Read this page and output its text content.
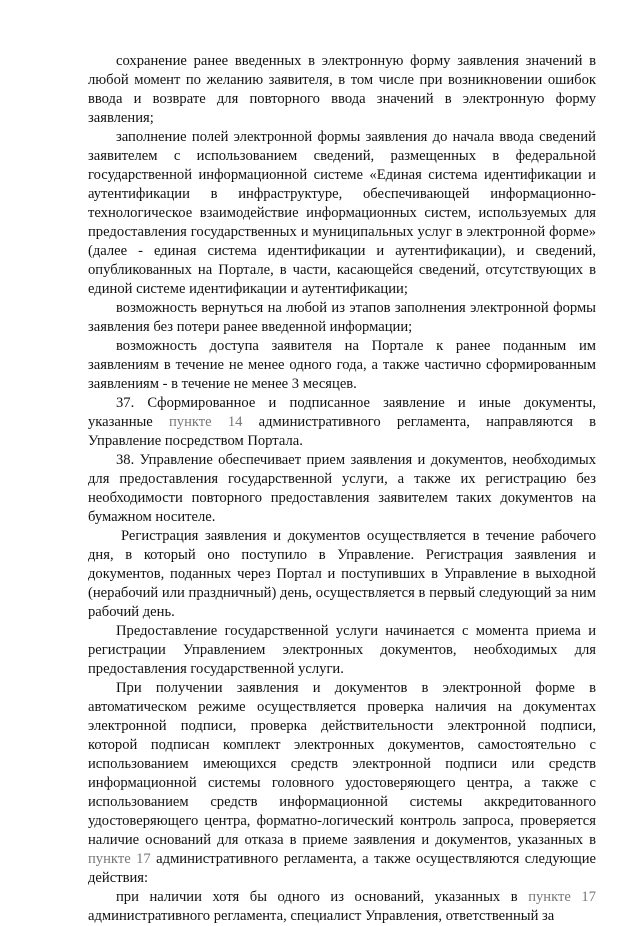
сохранение ранее введенных в электронную форму заявления значений в любой момент по желанию заявителя, в том числе при возникновении ошибок ввода и возврате для повторного ввода значений в электронную форму заявления;

заполнение полей электронной формы заявления до начала ввода сведений заявителем с использованием сведений, размещенных в федеральной государственной информационной системе «Единая система идентификации и аутентификации в инфраструктуре, обеспечивающей информационно-технологическое взаимодействие информационных систем, используемых для предоставления государственных и муниципальных услуг в электронной форме» (далее - единая система идентификации и аутентификации), и сведений, опубликованных на Портале, в части, касающейся сведений, отсутствующих в единой системе идентификации и аутентификации;

возможность вернуться на любой из этапов заполнения электронной формы заявления без потери ранее введенной информации;

возможность доступа заявителя на Портале к ранее поданным им заявлениям в течение не менее одного года, а также частично сформированным заявлениям - в течение не менее 3 месяцев.

37. Сформированное и подписанное заявление и иные документы, указанные пункте 14 административного регламента, направляются в Управление посредством Портала.

38. Управление обеспечивает прием заявления и документов, необходимых для предоставления государственной услуги, а также их регистрацию без необходимости повторного предоставления заявителем таких документов на бумажном носителе.

Регистрация заявления и документов осуществляется в течение рабочего дня, в который оно поступило в Управление. Регистрация заявления и документов, поданных через Портал и поступивших в Управление в выходной (нерабочий или праздничный) день, осуществляется в первый следующий за ним рабочий день.

Предоставление государственной услуги начинается с момента приема и регистрации Управлением электронных документов, необходимых для предоставления государственной услуги.

При получении заявления и документов в электронной форме в автоматическом режиме осуществляется проверка наличия на документах электронной подписи, проверка действительности электронной подписи, которой подписан комплект электронных документов, самостоятельно с использованием имеющихся средств электронной подписи или средств информационной системы головного удостоверяющего центра, а также с использованием средств информационной системы аккредитованного удостоверяющего центра, форматно-логический контроль запроса, проверяется наличие оснований для отказа в приеме заявления и документов, указанных в пункте 17 административного регламента, а также осуществляются следующие действия:

при наличии хотя бы одного из оснований, указанных в пункте 17 административного регламента, специалист Управления, ответственный за
